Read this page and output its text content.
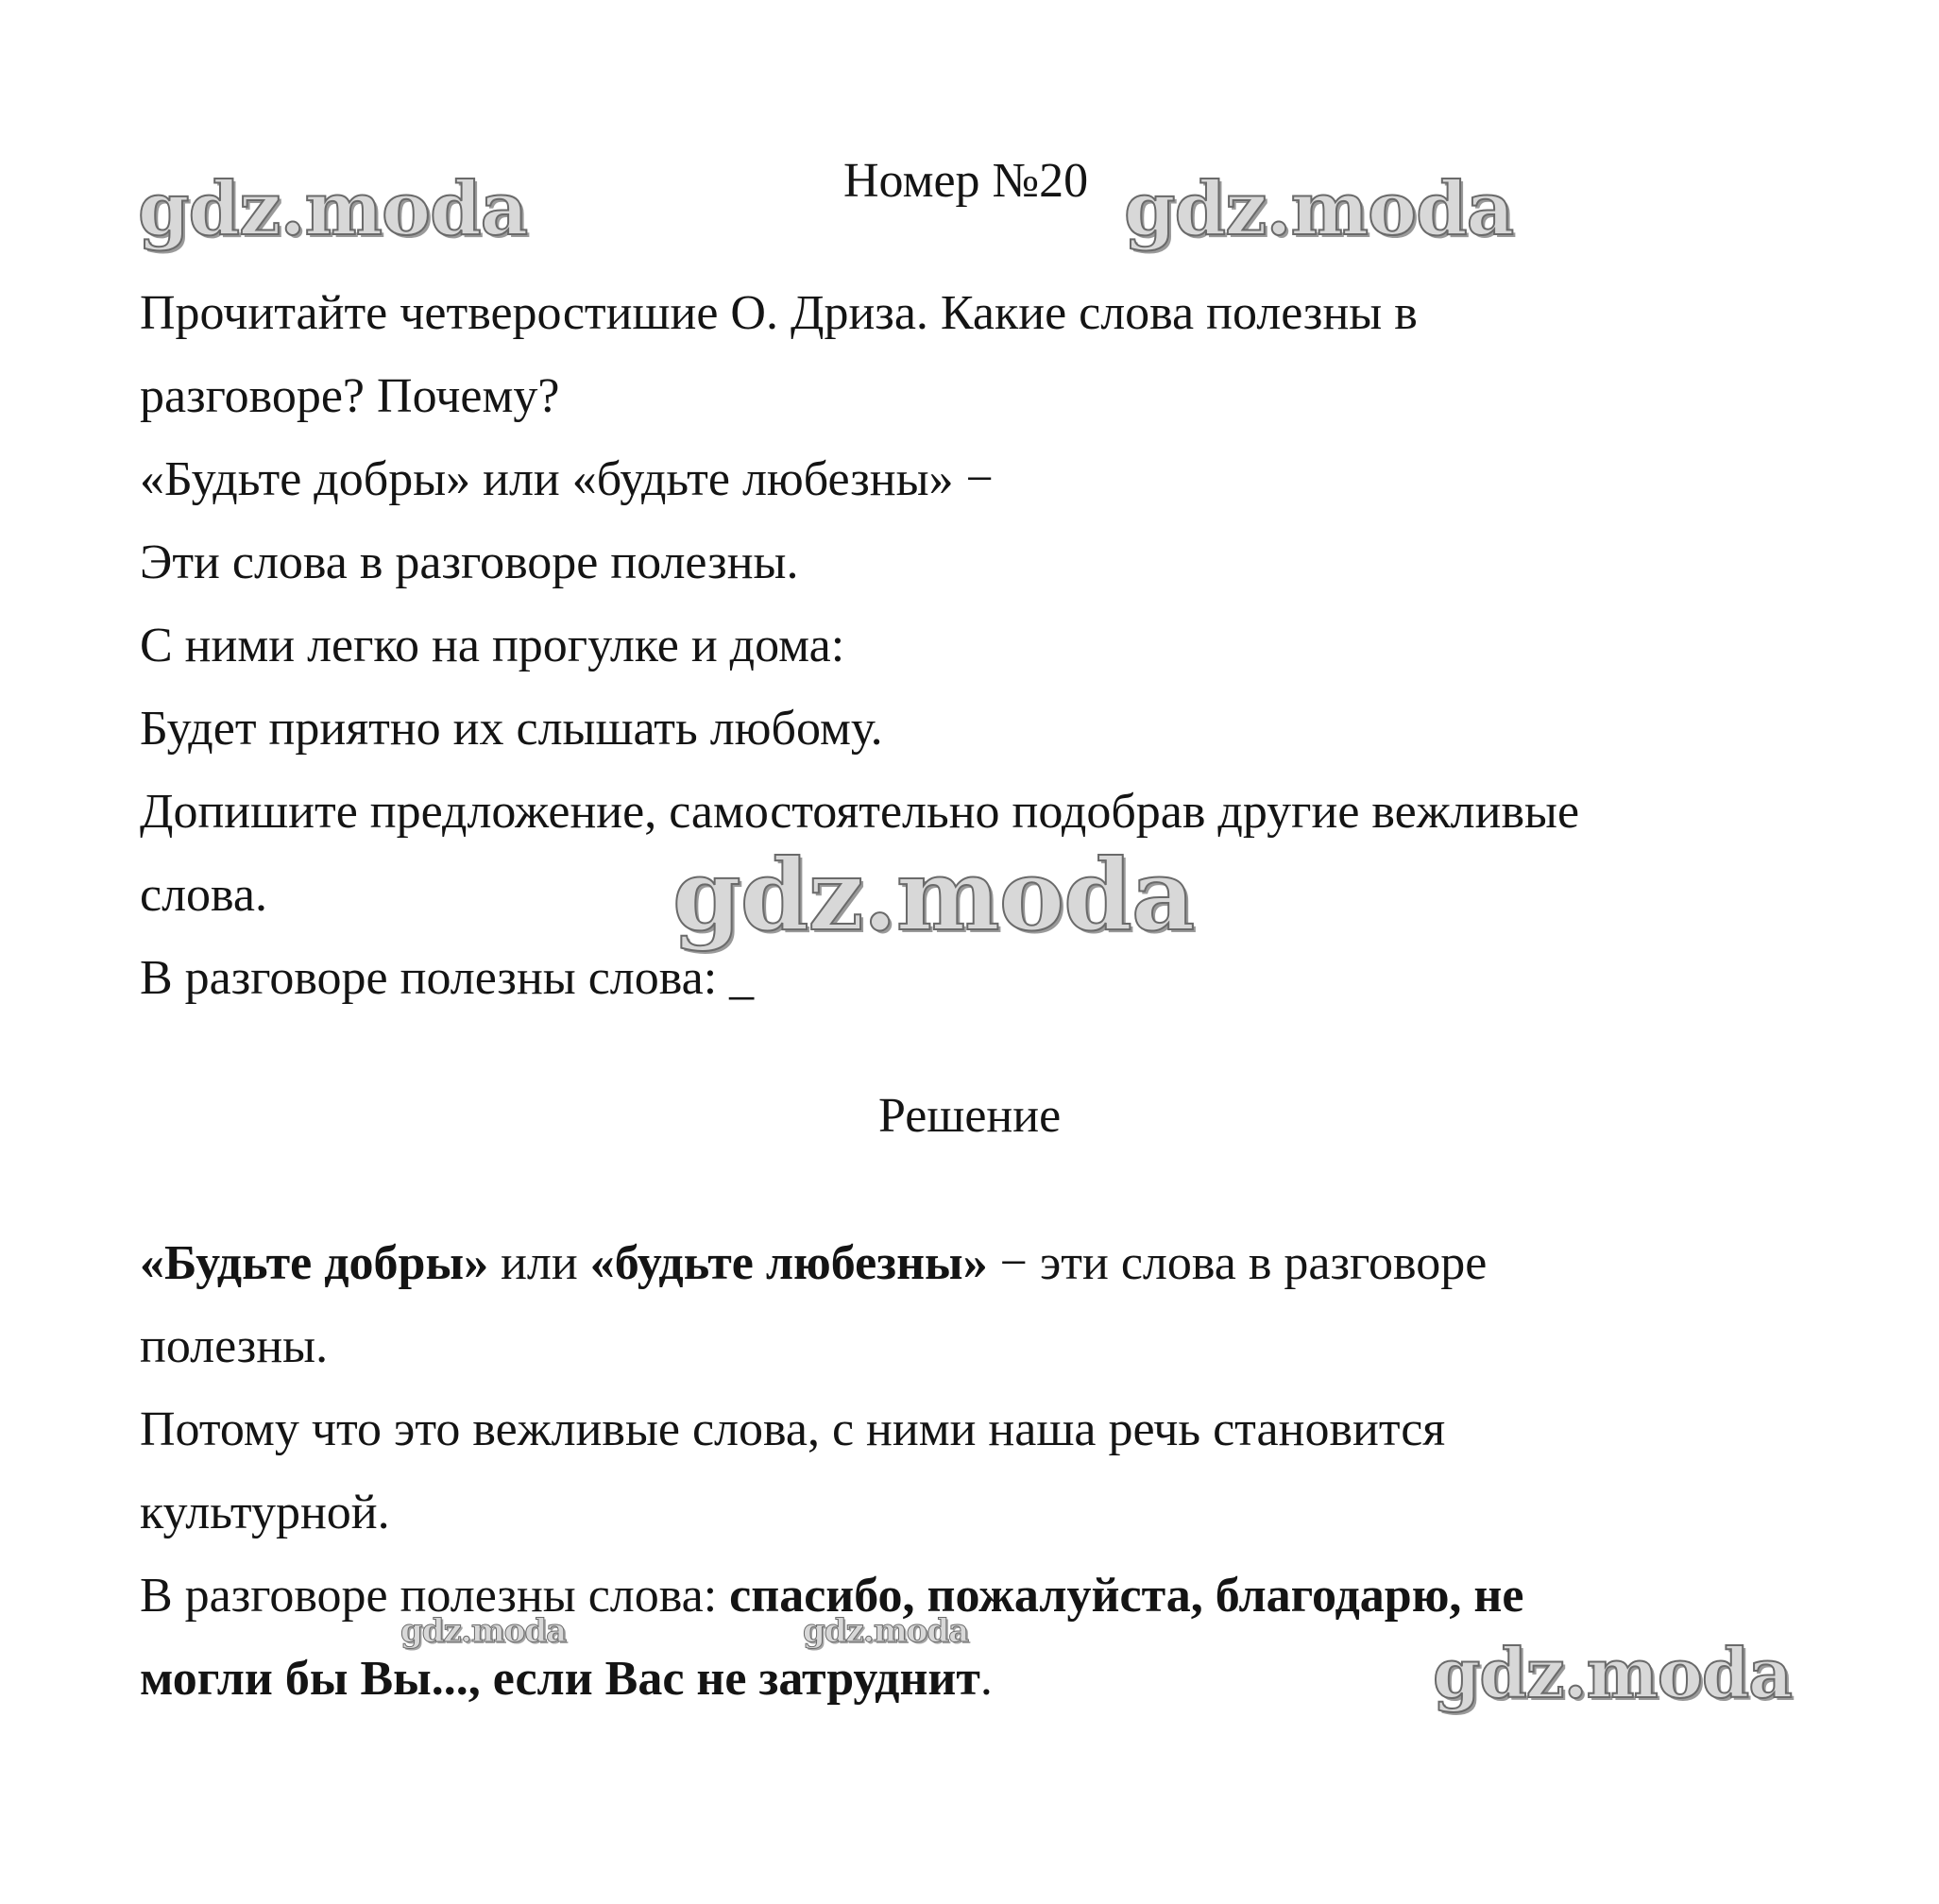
gdz.moda	gdz.moda
gdz.moda
gdz.moda	gdz.moda
gdz.moda
Номер №20
Прочитайте четверостишие О. Дриза. Какие слова полезны в
разговоре? Почему?
«Будьте добры» или «будьте любезны» −
Эти слова в разговоре полезны.
С ними легко на прогулке и дома:
Будет приятно их слышать любому.
Допишите предложение, самостоятельно подобрав другие вежливые
слова.
В разговоре полезны слова: _
Решение
«Будьте добры» или «будьте любезны» − эти слова в разговоре
полезны.
Потому что это вежливые слова, с ними наша речь становится
культурной.
В разговоре полезны слова: спасибо, пожалуйста, благодарю, не
могли бы Вы..., если Вас не затруднит.
